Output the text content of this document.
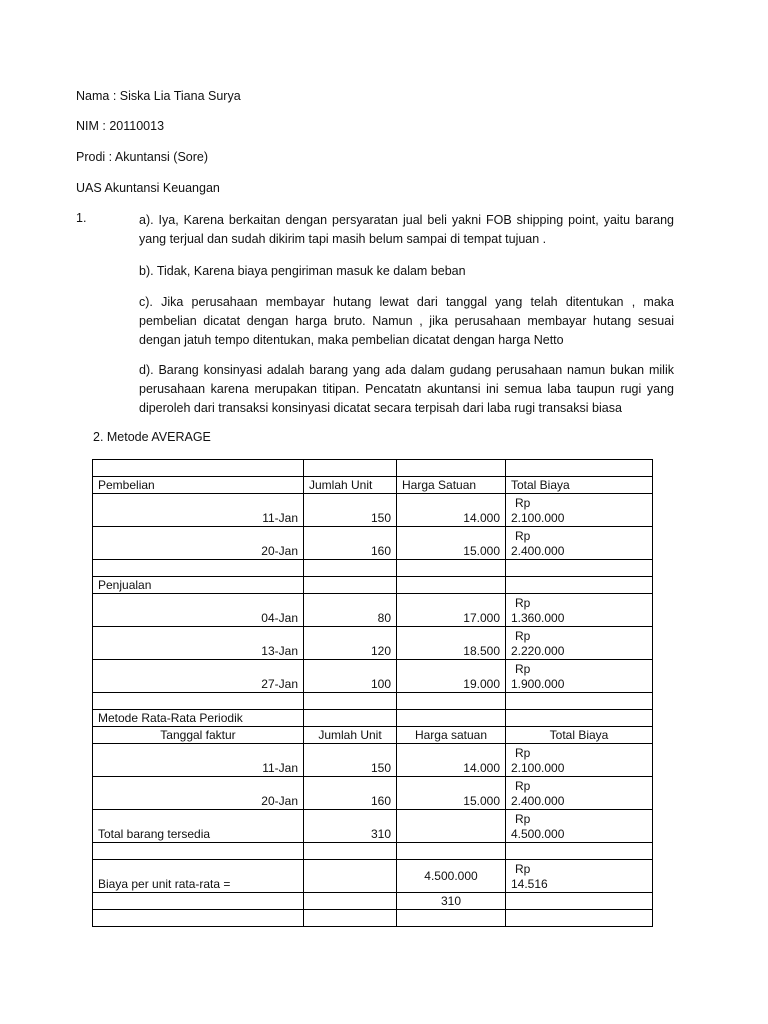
Nama : Siska Lia Tiana Surya
NIM : 20110013
Prodi : Akuntansi (Sore)
UAS Akuntansi Keuangan
1.	a). Iya, Karena berkaitan dengan persyaratan jual beli yakni FOB shipping point, yaitu barang yang terjual dan sudah dikirim tapi masih belum sampai di tempat tujuan .
b). Tidak, Karena biaya pengiriman masuk ke dalam beban
c). Jika perusahaan membayar hutang lewat dari tanggal yang telah ditentukan , maka pembelian dicatat dengan harga bruto. Namun , jika perusahaan membayar hutang sesuai dengan jatuh tempo ditentukan, maka pembelian dicatat dengan harga Netto
d). Barang konsinyasi adalah barang yang ada dalam gudang perusahaan namun bukan milik perusahaan karena merupakan titipan. Pencatatn akuntansi ini semua laba taupun rugi yang diperoleh dari transaksi konsinyasi dicatat secara terpisah dari laba rugi transaksi biasa
2. Metode AVERAGE

Pembelian	Jumlah Unit	Harga Satuan	Total Biaya
11-Jan	150	14.000	Rp
2.100.000
20-Jan	160	15.000	Rp
2.400.000

Penjualan			
04-Jan	80	17.000	Rp
1.360.000
13-Jan	120	18.500	Rp
2.220.000
27-Jan	100	19.000	Rp
1.900.000

Metode Rata-Rata Periodik			
Tanggal faktur	Jumlah Unit	Harga satuan	Total Biaya
11-Jan	150	14.000	Rp
2.100.000
20-Jan	160	15.000	Rp
2.400.000
Total barang tersedia	310		Rp
4.500.000

Biaya per unit rata-rata =		4.500.000	Rp
14.516
		310	
